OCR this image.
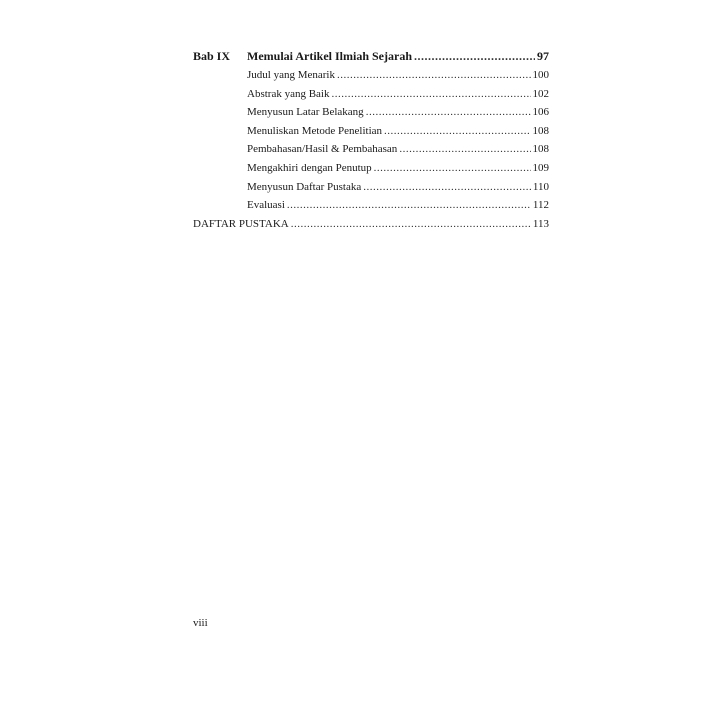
Bab IX Memulai Artikel Ilmiah Sejarah .....	97
Judul yang Menarik .....	100
Abstrak yang Baik .....	102
Menyusun Latar Belakang .....	106
Menuliskan Metode Penelitian .....	108
Pembahasan/Hasil & Pembahasan .....	108
Mengakhiri dengan Penutup .....	109
Menyusun Daftar Pustaka .....	110
Evaluasi .....	112
DAFTAR PUSTAKA .....	113
viii
